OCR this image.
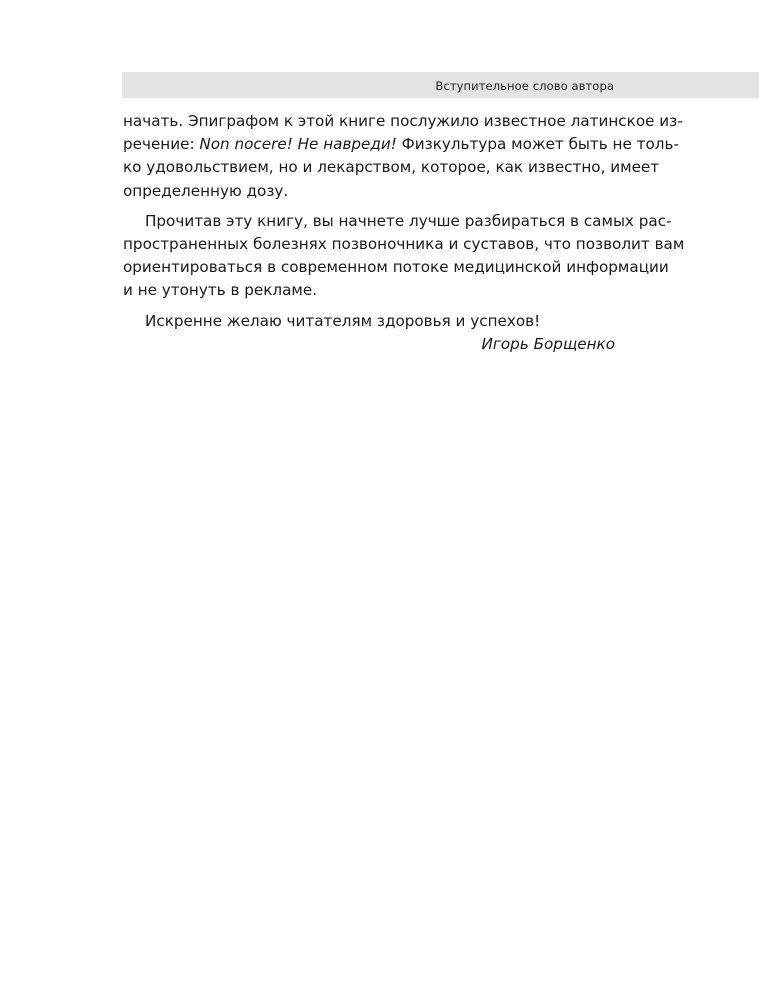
Вступительное слово автора
начать. Эпиграфом к этой книге послужило известное латинское из-
речение: Non nocere! Не навреди! Физкультура может быть не толь-
ко удовольствием, но и лекарством, которое, как известно, имеет
определенную дозу.
Прочитав эту книгу, вы начнете лучше разбираться в самых рас-
пространенных болезнях позвоночника и суставов, что позволит вам
ориентироваться в современном потоке медицинской информации
и не утонуть в рекламе.
Искренне желаю читателям здоровья и успехов!
Игорь Борщенко
